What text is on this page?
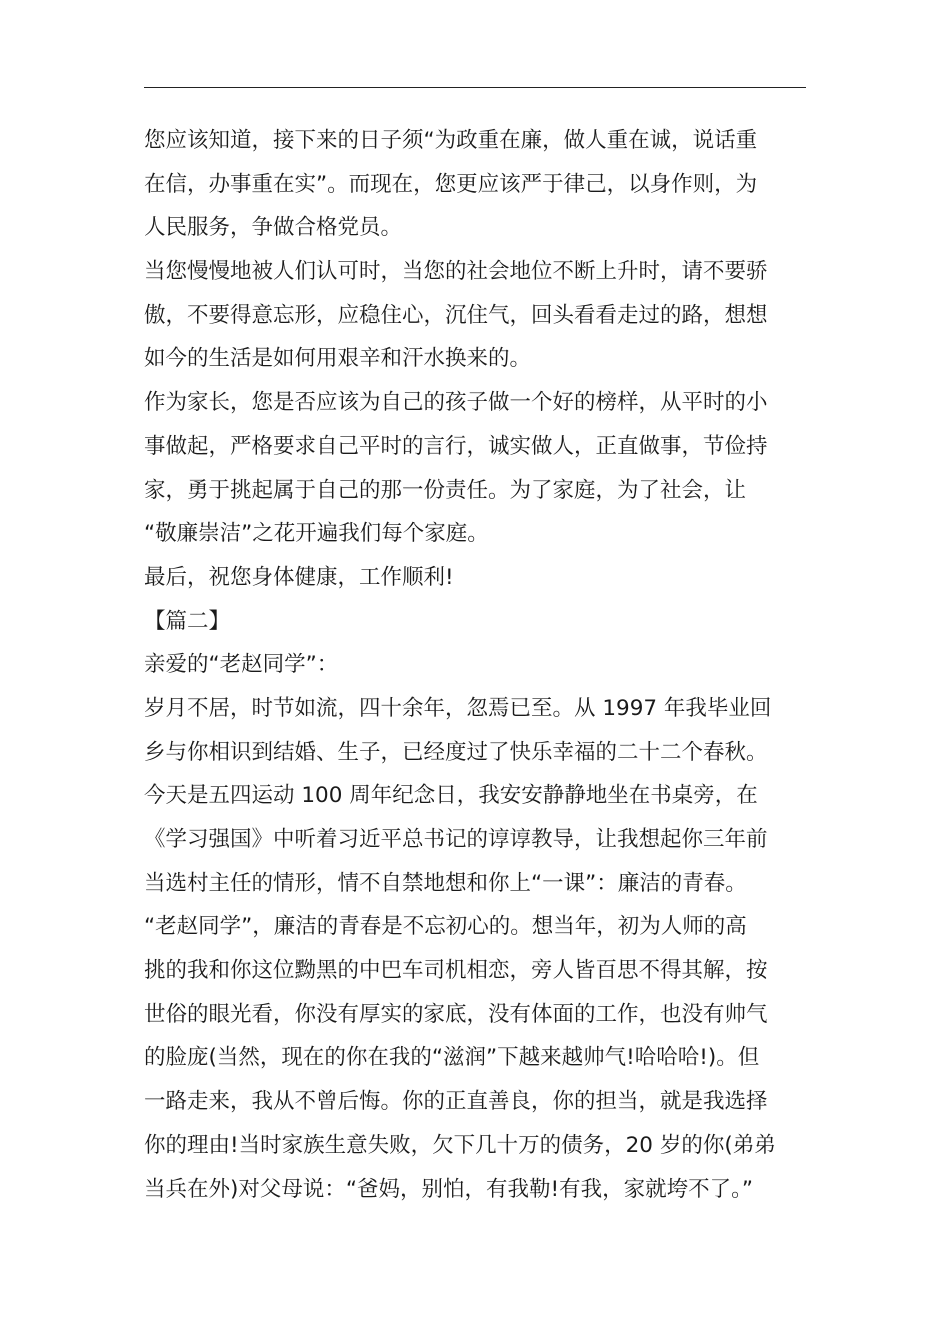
您应该知道，接下来的日子须“为政重在廉，做人重在诚，说话重
在信，办事重在实”。而现在，您更应该严于律己，以身作则，为
人民服务，争做合格党员。
当您慢慢地被人们认可时，当您的社会地位不断上升时，请不要骄
傲，不要得意忘形，应稳住心，沉住气，回头看看走过的路，想想
如今的生活是如何用艰辛和汗水换来的。
作为家长，您是否应该为自己的孩子做一个好的榜样，从平时的小
事做起，严格要求自己平时的言行，诚实做人，正直做事，节俭持
家，勇于挑起属于自己的那一份责任。为了家庭，为了社会，让
“敬廉崇洁”之花开遍我们每个家庭。
最后，祝您身体健康，工作顺利!
【篇二】
亲爱的“老赵同学”：
岁月不居，时节如流，四十余年，忽焉已至。从 1997 年我毕业回
乡与你相识到结婚、生子，已经度过了快乐幸福的二十二个春秋。
今天是五四运动 100 周年纪念日，我安安静静地坐在书桌旁，在
《学习强国》中听着习近平总书记的谆谆教导，让我想起你三年前
当选村主任的情形，情不自禁地想和你上“一课”：廉洁的青春。
“老赵同学”，廉洁的青春是不忘初心的。想当年，初为人师的高
挑的我和你这位黝黑的中巴车司机相恋，旁人皆百思不得其解，按
世俗的眼光看，你没有厚实的家底，没有体面的工作，也没有帅气
的脸庞(当然，现在的你在我的“滋润”下越来越帅气!哈哈哈!)。但
一路走来，我从不曾后悔。你的正直善良，你的担当，就是我选择
你的理由!当时家族生意失败，欠下几十万的债务，20 岁的你(弟弟
当兵在外)对父母说：“爸妈，别怕，有我勒!有我，家就垮不了。”
